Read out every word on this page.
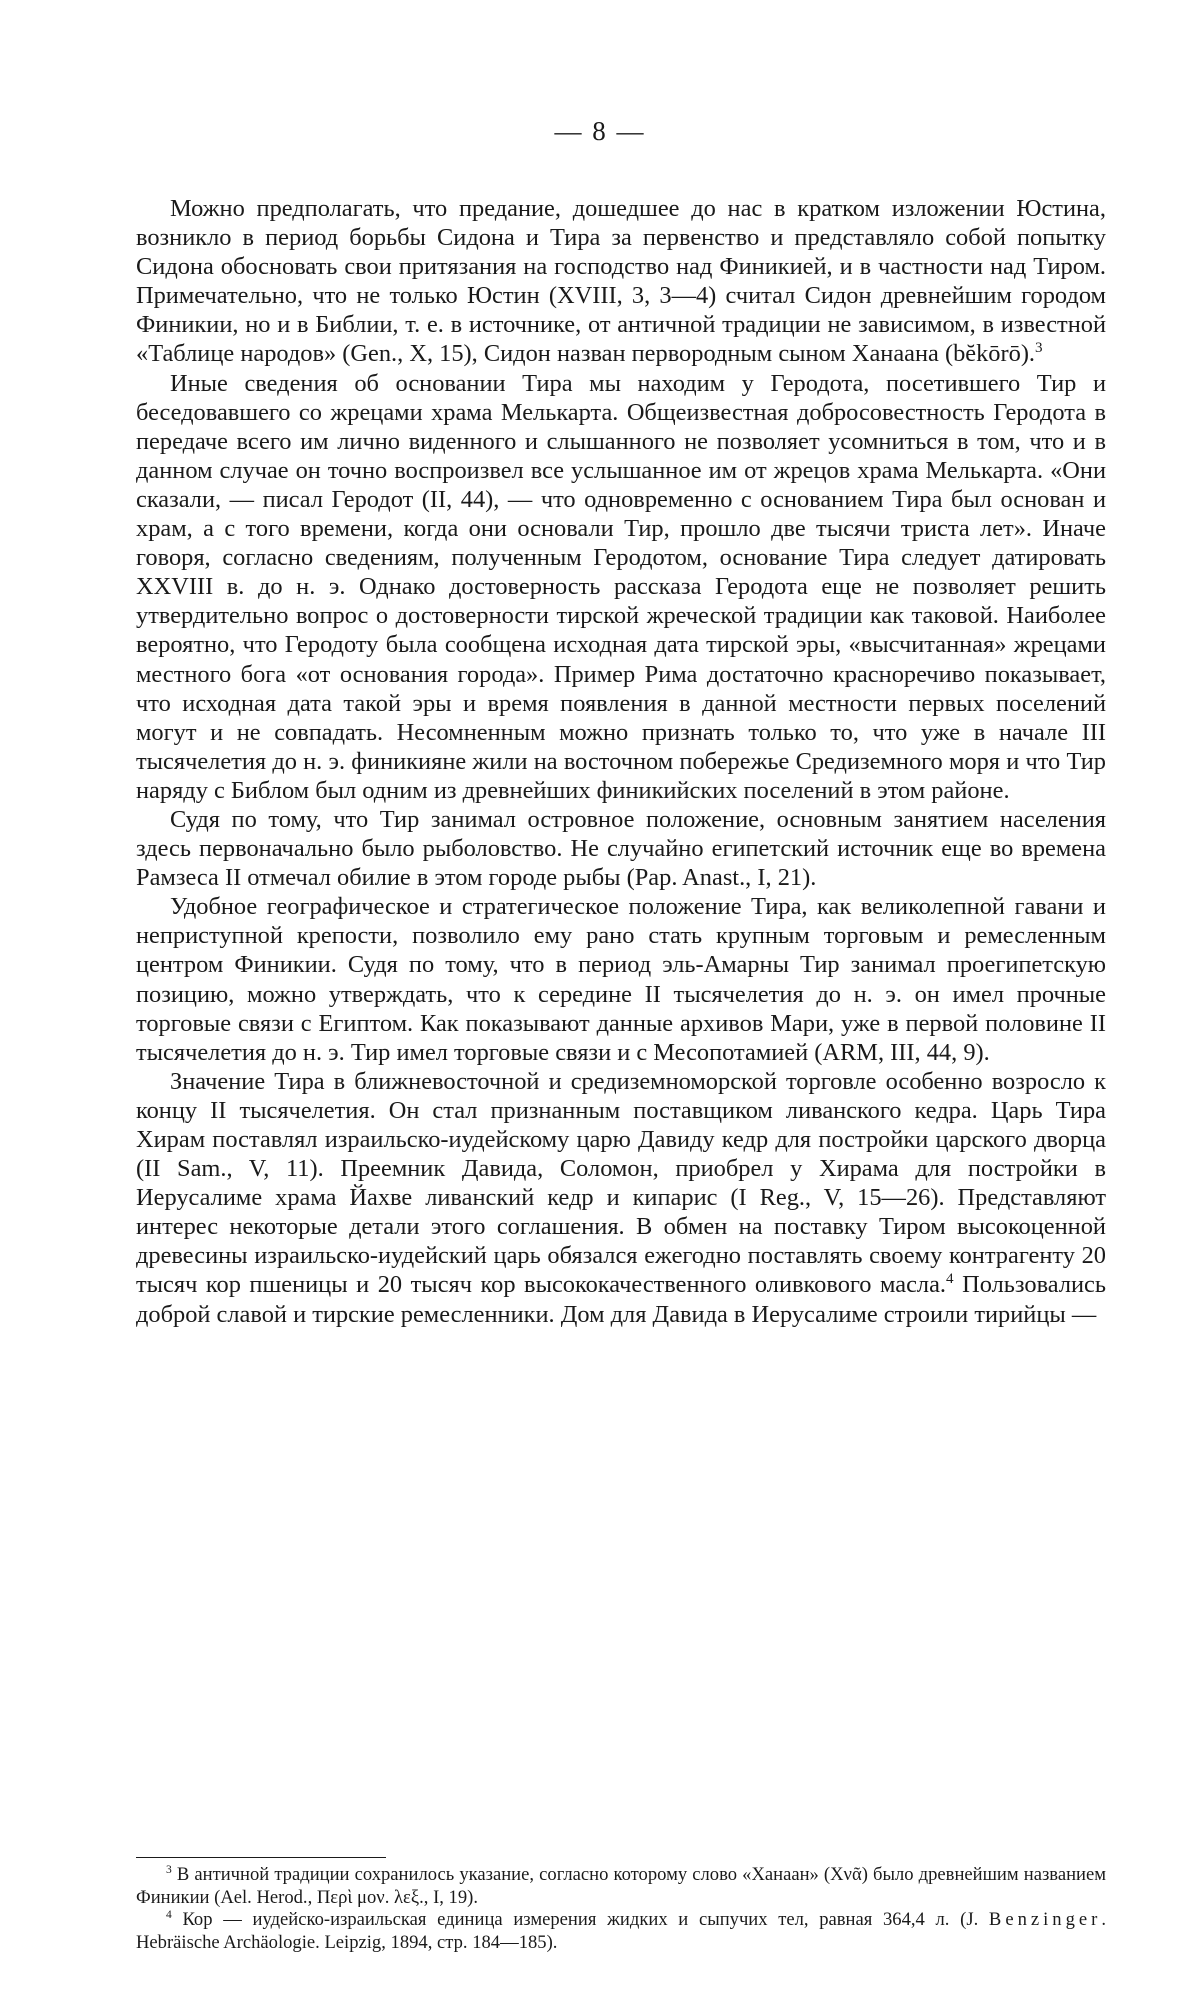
— 8 —

Можно предполагать, что предание, дошедшее до нас в кратком изложении Юстина, возникло в период борьбы Сидона и Тира за первенство и представляло собой попытку Сидона обосновать свои притязания на господство над Финикией, и в частности над Тиром. Примечательно, что не только Юстин (XVIII, 3, 3—4) считал Сидон древнейшим городом Финикии, но и в Библии, т. е. в источнике, от античной традиции не зависимом, в известной «Таблице народов» (Gen., X, 15), Сидон назван первородным сыном Ханаана (bĕkōrō).$^3$

Иные сведения об основании Тира мы находим у Геродота, посетившего Тир и беседовавшего со жрецами храма Мелькарта. Общеизвестная добросовестность Геродота в передаче всего им лично виденного и слышанного не позволяет усомниться в том, что и в данном случае он точно воспроизвел все услышанное им от жрецов храма Мелькарта. «Они сказали, — писал Геродот (II, 44), — что одновременно с основанием Тира был основан и храм, а с того времени, когда они основали Тир, прошло две тысячи триста лет». Иначе говоря, согласно сведениям, полученным Геродотом, основание Тира следует датировать XXVIII в. до н. э. Однако достоверность рассказа Геродота еще не позволяет решить утвердительно вопрос о достоверности тирской жреческой традиции как таковой. Наиболее вероятно, что Геродоту была сообщена исходная дата тирской эры, «высчитанная» жрецами местного бога «от основания города». Пример Рима достаточно красноречиво показывает, что исходная дата такой эры и время появления в данной местности первых поселений могут и не совпадать. Несомненным можно признать только то, что уже в начале III тысячелетия до н. э. финикияне жили на восточном побережье Средиземного моря и что Тир наряду с Библом был одним из древнейших финикийских поселений в этом районе.

Судя по тому, что Тир занимал островное положение, основным занятием населения здесь первоначально было рыболовство. Не случайно египетский источник еще во времена Рамзеса II отмечал обилие в этом городе рыбы (Pap. Anast., I, 21).

Удобное географическое и стратегическое положение Тира, как великолепной гавани и неприступной крепости, позволило ему рано стать крупным торговым и ремесленным центром Финикии. Судя по тому, что в период эль-Амарны Тир занимал проегипетскую позицию, можно утверждать, что к середине II тысячелетия до н. э. он имел прочные торговые связи с Египтом. Как показывают данные архивов Мари, уже в первой половине II тысячелетия до н. э. Тир имел торговые связи и с Месопотамией (ARM, III, 44, 9).

Значение Тира в ближневосточной и средиземноморской торговле особенно возросло к концу II тысячелетия. Он стал признанным поставщиком ливанского кедра. Царь Тира Хирам поставлял израильско-иудейскому царю Давиду кедр для постройки царского дворца (II Sam., V, 11). Преемник Давида, Соломон, приобрел у Хирама для постройки в Иерусалиме храма Йахве ливанский кедр и кипарис (I Reg., V, 15—26). Представляют интерес некоторые детали этого соглашения. В обмен на поставку Тиром высокоценной древесины израильско-иудейский царь обязался ежегодно поставлять своему контрагенту 20 тысяч кор пшеницы и 20 тысяч кор высококачественного оливкового масла.$^4$ Пользовались доброй славой и тирские ремесленники. Дом для Давида в Иерусалиме строили тирийцы —

$^3$ В античной традиции сохранилось указание, согласно которому слово «Ханаан» (Χνᾶ) было древнейшим названием Финикии (Ael. Herod., Περὶ μον. λεξ., I, 19).

$^4$ Кор — иудейско-израильская единица измерения жидких и сыпучих тел, равная 364,4 л. (J. Benzinger. Hebräische Archäologie. Leipzig, 1894, стр. 184—185).
